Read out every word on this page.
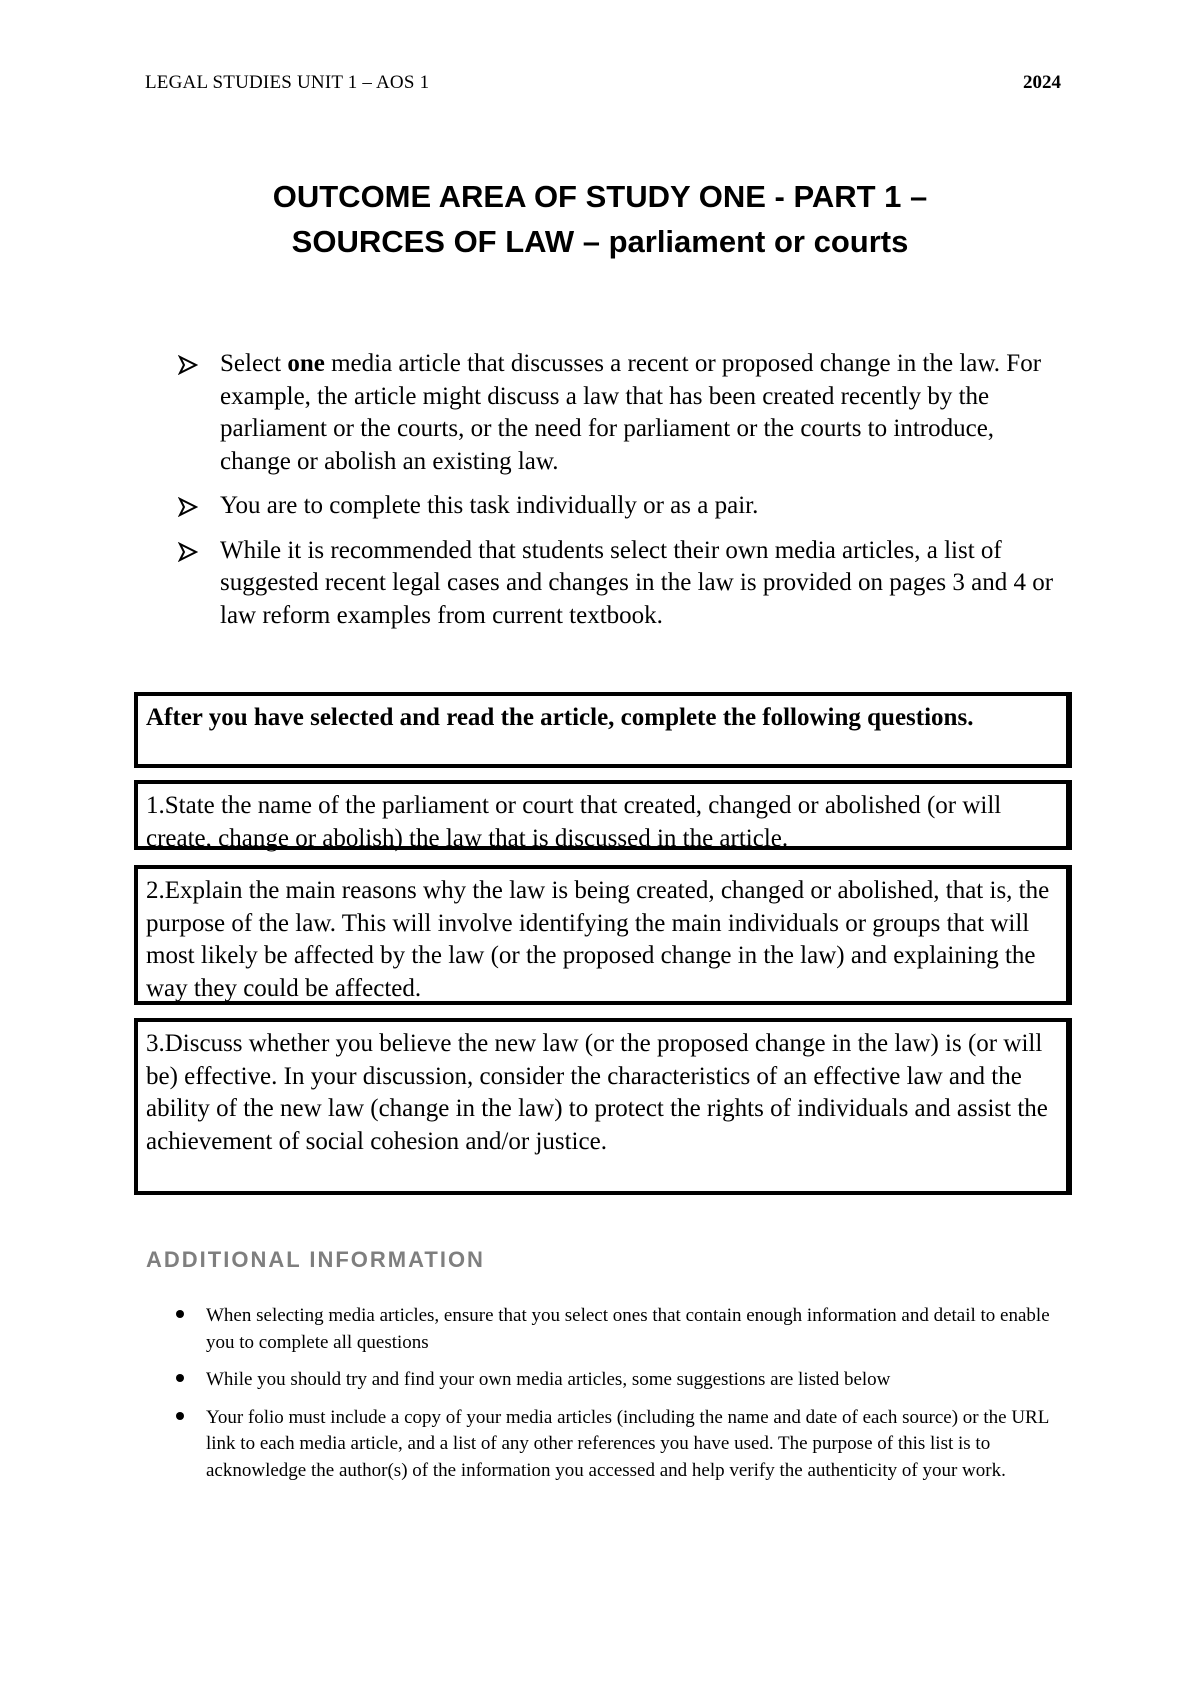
LEGAL STUDIES UNIT 1 – AOS 1	2024
OUTCOME AREA OF STUDY ONE - PART 1 –
SOURCES OF LAW – parliament or courts
Select one media article that discusses a recent or proposed change in the law. For example, the article might discuss a law that has been created recently by the parliament or the courts, or the need for parliament or the courts to introduce, change or abolish an existing law.
You are to complete this task individually or as a pair.
While it is recommended that students select their own media articles, a list of suggested recent legal cases and changes in the law is provided on pages 3 and 4 or law reform examples from current textbook.
After you have selected and read the article, complete the following questions.
1.State the name of the parliament or court that created, changed or abolished (or will create, change or abolish) the law that is discussed in the article.
2.Explain the main reasons why the law is being created, changed or abolished, that is, the purpose of the law. This will involve identifying the main individuals or groups that will most likely be affected by the law (or the proposed change in the law) and explaining the way they could be affected.
3.Discuss whether you believe the new law (or the proposed change in the law) is (or will be) effective. In your discussion, consider the characteristics of an effective law and the ability of the new law (change in the law) to protect the rights of individuals and assist the achievement of social cohesion and/or justice.
ADDITIONAL INFORMATION
When selecting media articles, ensure that you select ones that contain enough information and detail to enable you to complete all questions
While you should try and find your own media articles, some suggestions are listed below
Your folio must include a copy of your media articles (including the name and date of each source) or the URL link to each media article, and a list of any other references you have used. The purpose of this list is to acknowledge the author(s) of the information you accessed and help verify the authenticity of your work.
